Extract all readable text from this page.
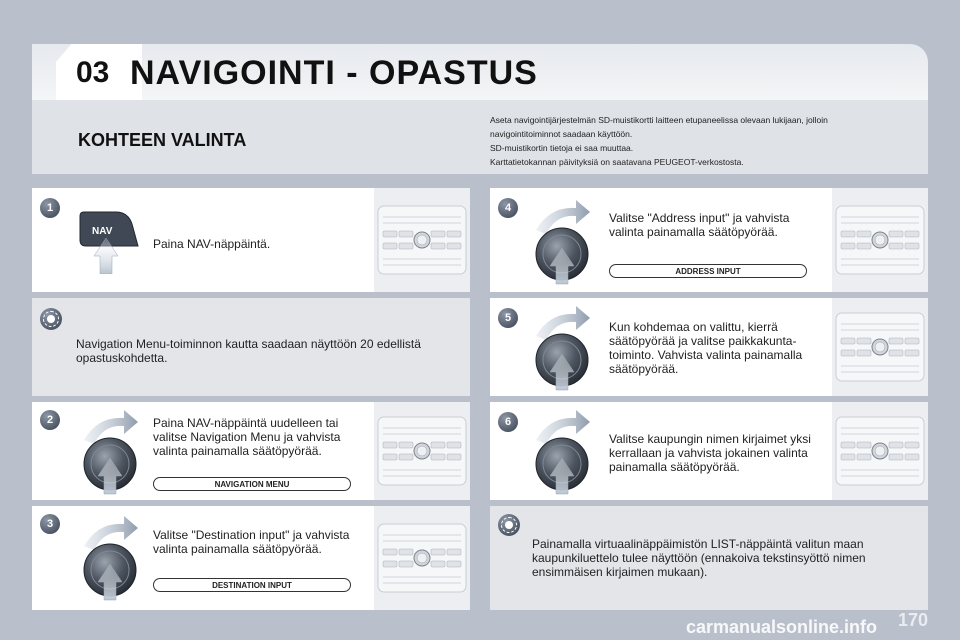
03 NAVIGOINTI - OPASTUS
KOHTEEN VALINTA
Aseta navigointijärjestelmän SD-muistikortti laitteen etupaneelissa olevaan lukijaan, jolloin
navigointitoiminnot saadaan käyttöön.
SD-muistikortin tietoja ei saa muuttaa.
Karttatietokannan päivityksiä on saatavana PEUGEOT-verkostosta.
1
NAV
Paina NAV-näppäintä.
Navigation Menu-toiminnon kautta saadaan näyttöön 20 edellistä opastuskohdetta.
2	Paina NAV-näppäintä uudelleen tai valitse Navigation Menu ja vahvista valinta painamalla säätöpyörää.
NAVIGATION MENU
3
Valitse "Destination input" ja vahvista valinta painamalla säätöpyörää.
DESTINATION INPUT
4
Valitse "Address input" ja vahvista valinta painamalla säätöpyörää.
ADDRESS INPUT
5
Kun kohdemaa on valittu, kierrä säätöpyörää ja valitse paikkakunta-toiminto. Vahvista valinta painamalla säätöpyörää.
6
Valitse kaupungin nimen kirjaimet yksi kerrallaan ja vahvista jokainen valinta painamalla säätöpyörää.
Painamalla virtuaalinäppäimistön LIST-näppäintä valitun maan kaupunkiluettelo tulee näyttöön (ennakoiva tekstinsyöttö nimen ensimmäisen kirjaimen mukaan).
carmanualsonline.info 170
